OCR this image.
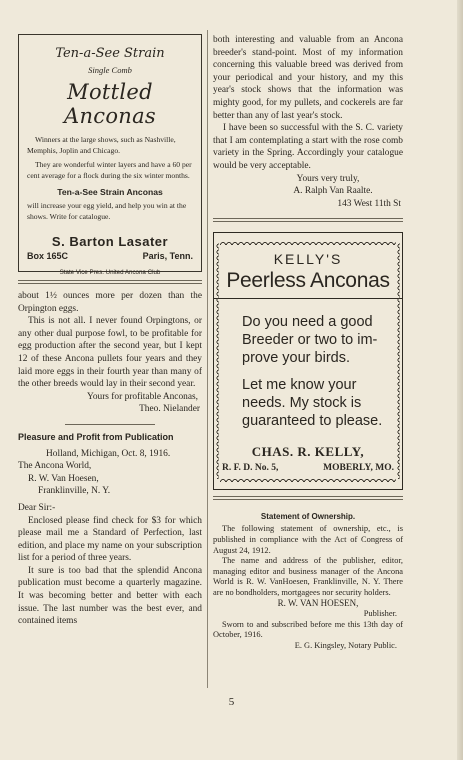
Ten-a-See Strain
Single Comb
Mottled Anconas

Winners at the large shows, such as Nashville, Memphis, Joplin and Chicago.

They are wonderful winter layers and have a 60 per cent average for a flock during the six winter months.

Ten-a-See Strain Anconas

will increase your egg yield, and help you win at the shows. Write for catalogue.

S. Barton Lasater
Box 165C	Paris, Tenn.
State Vice Pres. United Ancona Club

about 1½ ounces more per dozen than the Orpington eggs.

This is not all. I never found Orpingtons, or any other dual purpose fowl, to be profitable for egg production after the second year, but I kept 12 of these Ancona pullets four years and they laid more eggs in their fourth year than many of the other breeds would lay in their second year.

Yours for profitable Anconas,

Theo. Nielander

Pleasure and Profit from Publication

Holland, Michigan, Oct. 8, 1916.

The Ancona World,

R. W. Van Hoesen,

Franklinville, N. Y.

Dear Sir:-

Enclosed please find check for $3 for which please mail me a Standard of Perfection, last edition, and place my name on your subscription list for a period of three years.

It sure is too bad that the splendid Ancona publication must become a quarterly magazine. It was becoming better and better with each issue. The last number was the best ever, and contained items

both interesting and valuable from an Ancona breeder's stand-point. Most of my information concerning this valuable breed was derived from your periodical and your history, and my this year's stock shows that the information was mighty good, for my pullets, and cockerels are far better than any of last year's stock.

I have been so successful with the S. C. variety that I am contemplating a start with the rose comb variety in the Spring. Accordingly your catalogue would be very acceptable.

Yours very truly,

A. Ralph Van Raalte.

143 West 11th St

KELLY'S
Peerless Anconas

Do you need a good

Breeder or two to im-

prove your birds.

Let me know your

needs. My stock is

guaranteed to please.

CHAS. R. KELLY,
R. F. D. No. 5,	MOBERLY, MO.
Statement of Ownership.

The following statement of ownership, etc., is published in compliance with the Act of Congress of August 24, 1912.

The name and address of the publisher, editor, managing editor and business manager of the Ancona World is R. W. VanHoesen, Franklinville, N. Y. There are no bondholders, mortgagees nor security holders.

R. W. VAN HOESEN,

Publisher.

Sworn to and subscribed before me this 13th day of October, 1916.

E. G. Kingsley, Notary Public.

5
